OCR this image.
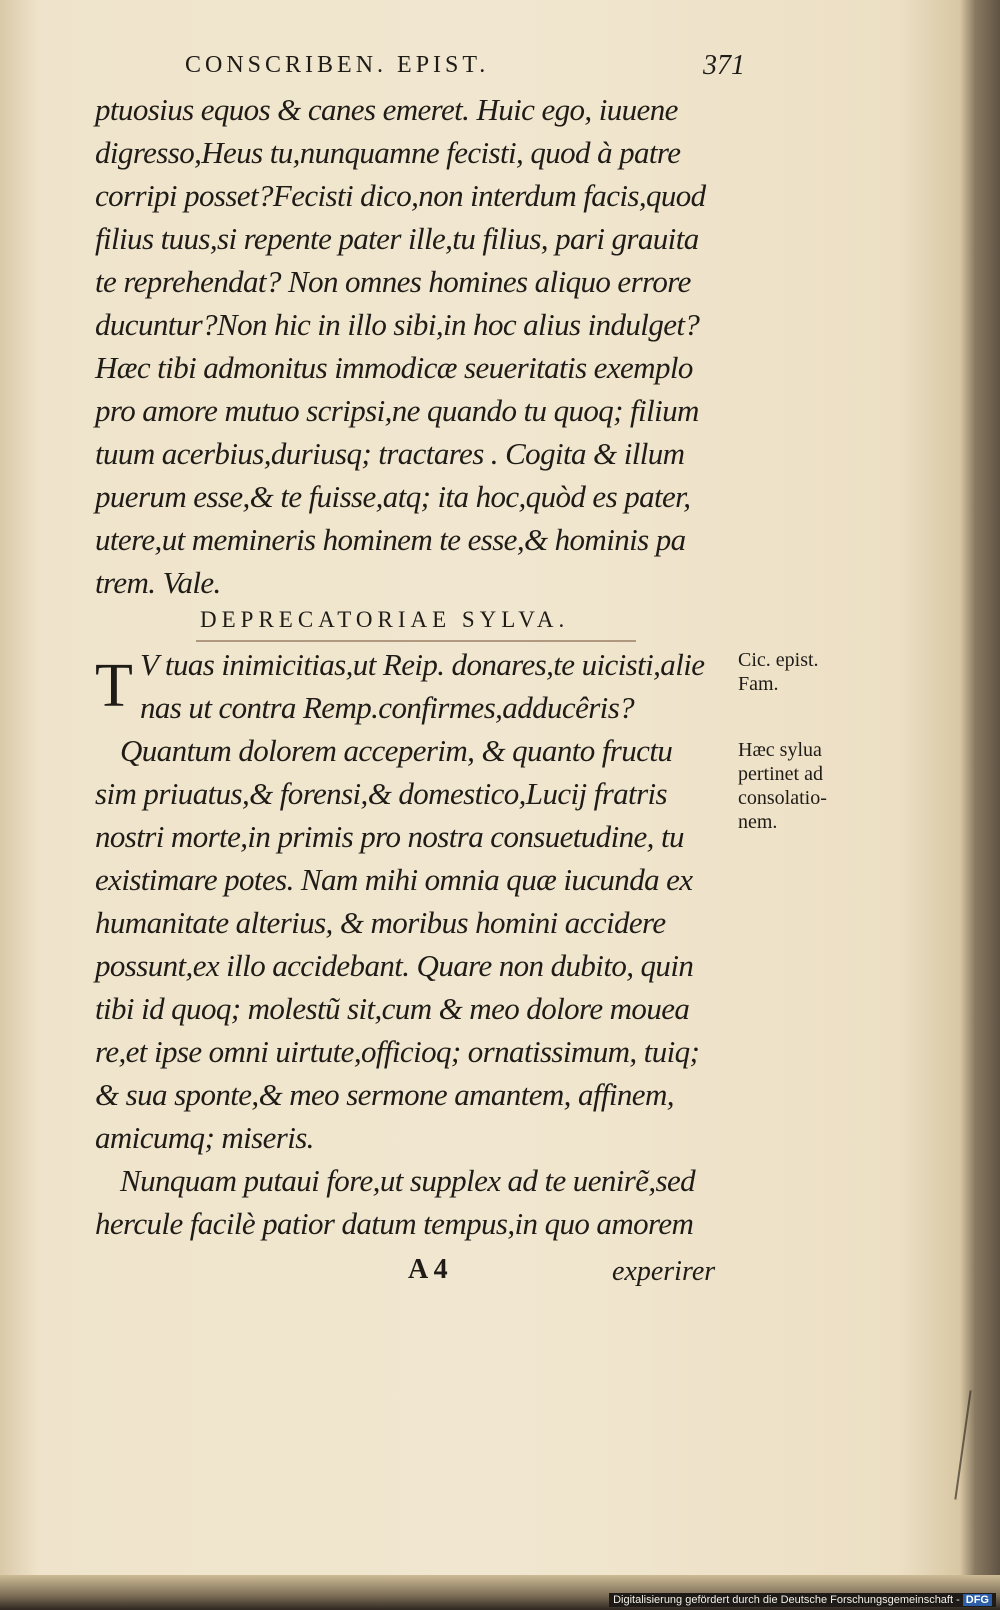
CONSCRIBEN. EPIST.	371
ptuosius equos & canes emeret. Huic ego, iuuene
digresso,Heus tu,nunquamne fecisti, quod à patre
corripi posset?Fecisti dico,non interdum facis,quod
filius tuus,si repente pater ille,tu filius, pari grauita
te reprehendat? Non omnes homines aliquo errore
ducuntur?Non hic in illo sibi,in hoc alius indulget?
Hæc tibi admonitus immodicæ seueritatis exemplo
pro amore mutuo scripsi,ne quando tu quoq; filium
tuum acerbius,duriusq; tractares . Cogita & illum
puerum esse,& te fuisse,atq; ita hoc,quòd es pater,
utere,ut memineris hominem te esse,& hominis pa
trem. Vale.
DEPRECATORIAE SYLVA.
T V tuas inimicitias,ut Reip. donares,te uicisti,alie
nas ut contra Remp.confirmes,adducêris?
Quantum dolorem acceperim, & quanto fructu
sim priuatus,& forensi,& domestico,Lucij fratris
nostri morte,in primis pro nostra consuetudine, tu
existimare potes. Nam mihi omnia quæ iucunda ex
humanitate alterius, & moribus homini accidere
possunt,ex illo accidebant. Quare non dubito, quin
tibi id quoq; molestũ sit,cum & meo dolore mouea
re,et ipse omni uirtute,officioq; ornatissimum, tuiq;
& sua sponte,& meo sermone amantem, affinem,
amicumq; miseris.
Nunquam putaui fore,ut supplex ad te uenirẽ,sed
hercule facilè patior datum tempus,in quo amorem
Cic. epist.
Fam.
Hæc sylua
pertinet ad
consolatio-
nem.
A 4	experirer
Digitalisierung gefördert durch die Deutsche Forschungsgemeinschaft - DFG
